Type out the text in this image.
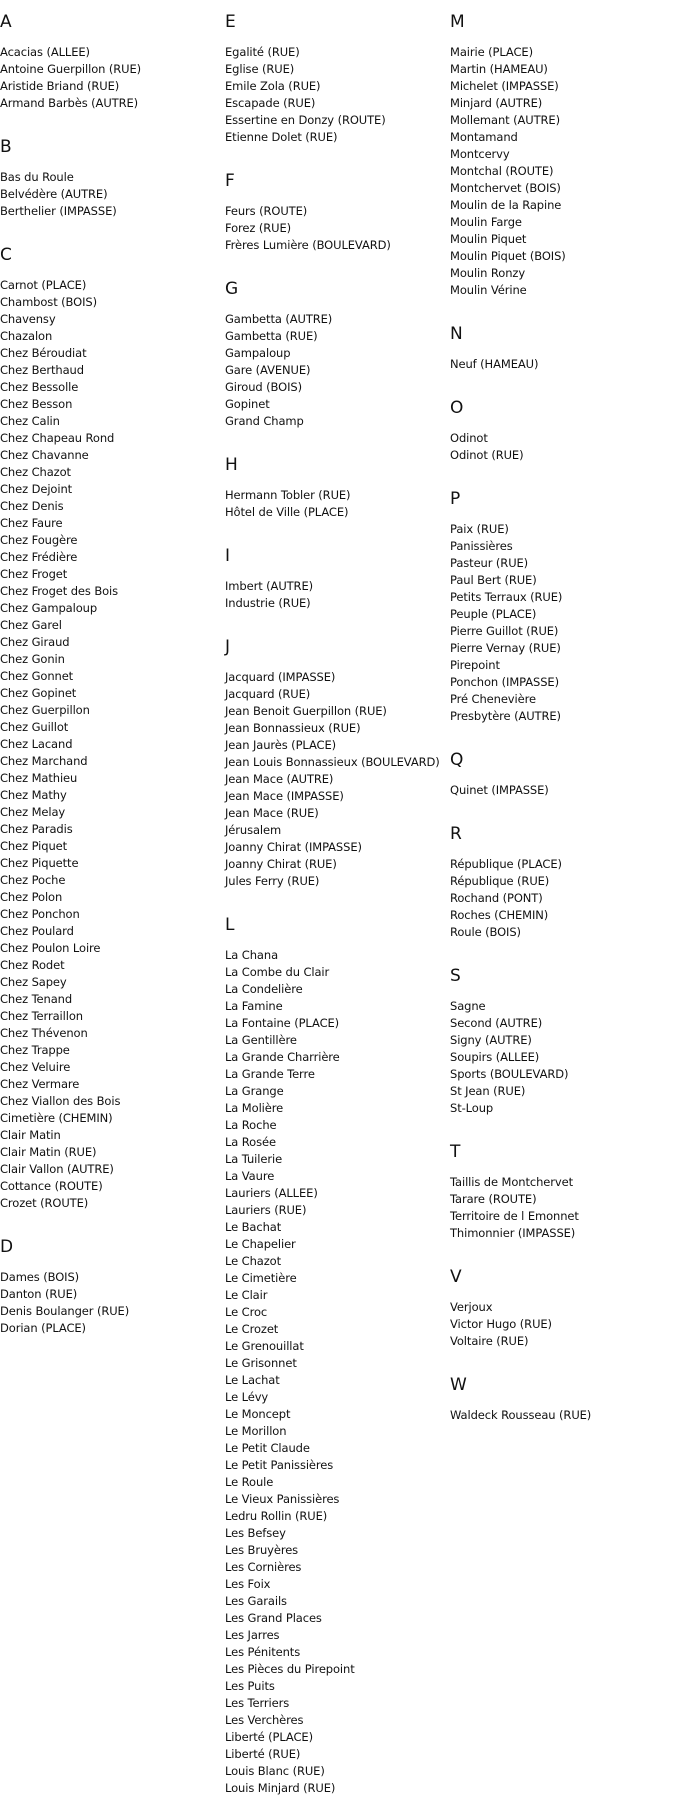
A
Acacias (ALLEE)
Antoine Guerpillon (RUE)
Aristide Briand (RUE)
Armand Barbès (AUTRE)
B
Bas du Roule
Belvédère (AUTRE)
Berthelier (IMPASSE)
C
Carnot (PLACE)
Chambost (BOIS)
Chavensy
Chazalon
Chez Béroudiat
Chez Berthaud
Chez Bessolle
Chez Besson
Chez Calin
Chez Chapeau Rond
Chez Chavanne
Chez Chazot
Chez Dejoint
Chez Denis
Chez Faure
Chez Fougère
Chez Frédière
Chez Froget
Chez Froget des Bois
Chez Gampaloup
Chez Garel
Chez Giraud
Chez Gonin
Chez Gonnet
Chez Gopinet
Chez Guerpillon
Chez Guillot
Chez Lacand
Chez Marchand
Chez Mathieu
Chez Mathy
Chez Melay
Chez Paradis
Chez Piquet
Chez Piquette
Chez Poche
Chez Polon
Chez Ponchon
Chez Poulard
Chez Poulon Loire
Chez Rodet
Chez Sapey
Chez Tenand
Chez Terraillon
Chez Thévenon
Chez Trappe
Chez Veluire
Chez Vermare
Chez Viallon des Bois
Cimetière (CHEMIN)
Clair Matin
Clair Matin (RUE)
Clair Vallon (AUTRE)
Cottance (ROUTE)
Crozet (ROUTE)
D
Dames (BOIS)
Danton (RUE)
Denis Boulanger (RUE)
Dorian (PLACE)
E
Egalité (RUE)
Eglise (RUE)
Emile Zola (RUE)
Escapade (RUE)
Essertine en Donzy (ROUTE)
Etienne Dolet (RUE)
F
Feurs (ROUTE)
Forez (RUE)
Frères Lumière (BOULEVARD)
G
Gambetta (AUTRE)
Gambetta (RUE)
Gampaloup
Gare (AVENUE)
Giroud (BOIS)
Gopinet
Grand Champ
H
Hermann Tobler (RUE)
Hôtel de Ville (PLACE)
I
Imbert (AUTRE)
Industrie (RUE)
J
Jacquard (IMPASSE)
Jacquard (RUE)
Jean Benoit Guerpillon (RUE)
Jean Bonnassieux (RUE)
Jean Jaurès (PLACE)
Jean Louis Bonnassieux (BOULEVARD)
Jean Mace (AUTRE)
Jean Mace (IMPASSE)
Jean Mace (RUE)
Jérusalem
Joanny Chirat (IMPASSE)
Joanny Chirat (RUE)
Jules Ferry (RUE)
L
La Chana
La Combe du Clair
La Condelière
La Famine
La Fontaine (PLACE)
La Gentillère
La Grande Charrière
La Grande Terre
La Grange
La Molière
La Roche
La Rosée
La Tuilerie
La Vaure
Lauriers (ALLEE)
Lauriers (RUE)
Le Bachat
Le Chapelier
Le Chazot
Le Cimetière
Le Clair
Le Croc
Le Crozet
Le Grenouillat
Le Grisonnet
Le Lachat
Le Lévy
Le Moncept
Le Morillon
Le Petit Claude
Le Petit Panissières
Le Roule
Le Vieux Panissières
Ledru Rollin (RUE)
Les Befsey
Les Bruyères
Les Cornières
Les Foix
Les Garails
Les Grand Places
Les Jarres
Les Pénitents
Les Pièces du Pirepoint
Les Puits
Les Terriers
Les Verchères
Liberté (PLACE)
Liberté (RUE)
Louis Blanc (RUE)
Louis Minjard (RUE)
M
Mairie (PLACE)
Martin (HAMEAU)
Michelet (IMPASSE)
Minjard (AUTRE)
Mollemant (AUTRE)
Montamand
Montcervy
Montchal (ROUTE)
Montchervet (BOIS)
Moulin de la Rapine
Moulin Farge
Moulin Piquet
Moulin Piquet (BOIS)
Moulin Ronzy
Moulin Vérine
N
Neuf (HAMEAU)
O
Odinot
Odinot (RUE)
P
Paix (RUE)
Panissières
Pasteur (RUE)
Paul Bert (RUE)
Petits Terraux (RUE)
Peuple (PLACE)
Pierre Guillot (RUE)
Pierre Vernay (RUE)
Pirepoint
Ponchon (IMPASSE)
Pré Chenevière
Presbytère (AUTRE)
Q
Quinet (IMPASSE)
R
République (PLACE)
République (RUE)
Rochand (PONT)
Roches (CHEMIN)
Roule (BOIS)
S
Sagne
Second (AUTRE)
Signy (AUTRE)
Soupirs (ALLEE)
Sports (BOULEVARD)
St Jean (RUE)
St-Loup
T
Taillis de Montchervet
Tarare (ROUTE)
Territoire de l Emonnet
Thimonnier (IMPASSE)
V
Verjoux
Victor Hugo (RUE)
Voltaire (RUE)
W
Waldeck Rousseau (RUE)
